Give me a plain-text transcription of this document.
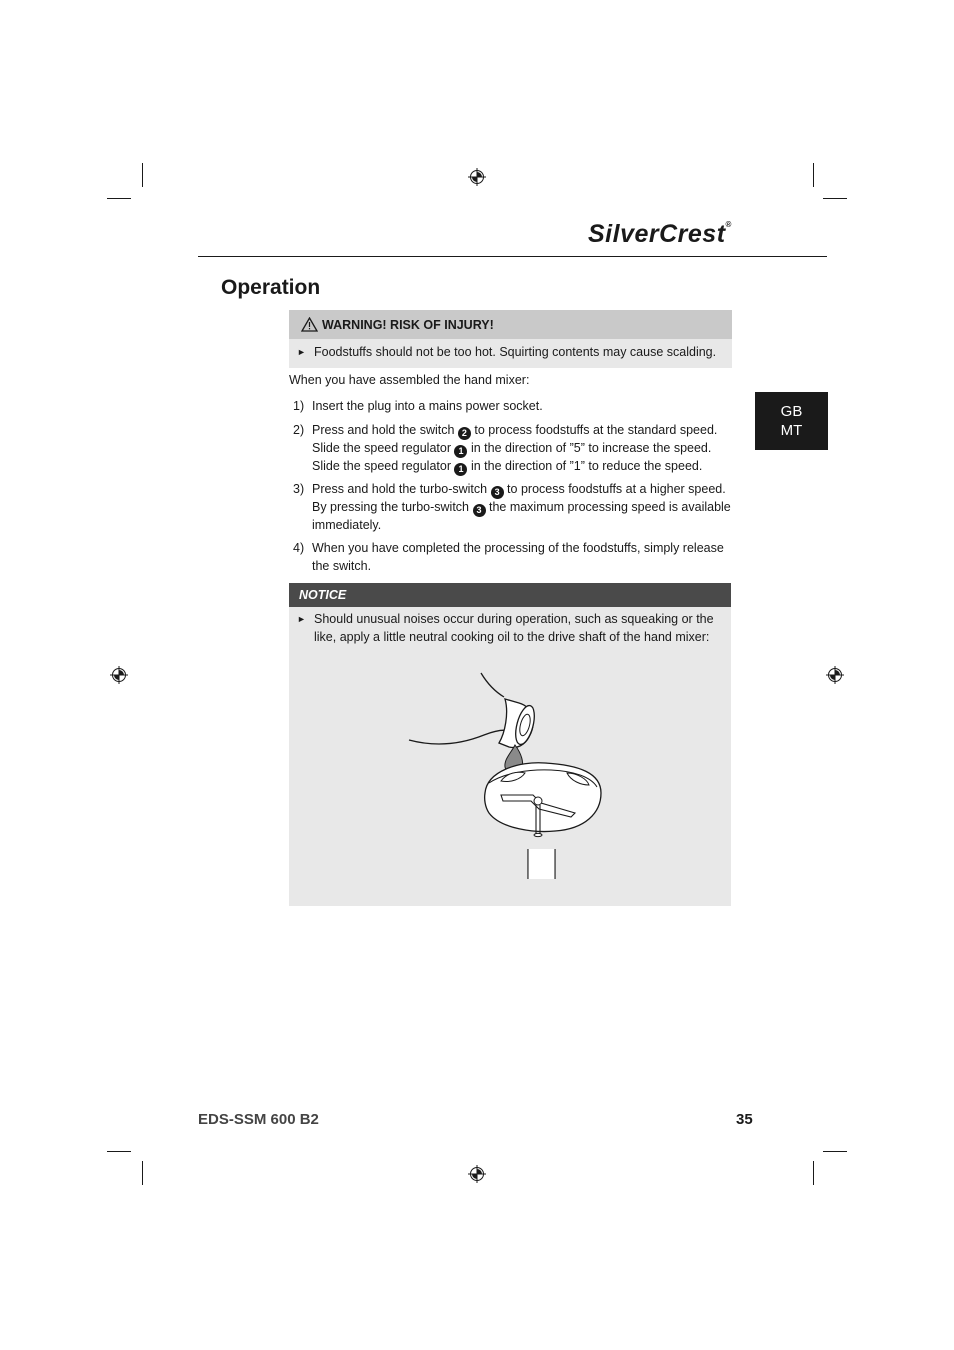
SilverCrest®
Operation
GB
MT
WARNING! RISK OF INJURY!
► Foodstuffs should not be too hot. Squirting contents may cause scalding.
When you have assembled the hand mixer:
1) Insert the plug into a mains power socket.
2) Press and hold the switch 2 to process foodstuffs at the standard speed. Slide the speed regulator 1 in the direction of ”5” to increase the speed. Slide the speed regulator 1 in the direction of ”1” to reduce the speed.
3) Press and hold the turbo-switch 3 to process foodstuffs at a higher speed. By pressing the turbo-switch 3 the maximum processing speed is available immediately.
4) When you have completed the processing of the foodstuffs, simply release the switch.
NOTICE
► Should unusual noises occur during operation, such as squeaking or the like, apply a little neutral cooking oil to the drive shaft of the hand mixer:
EDS-SSM 600 B2	35
